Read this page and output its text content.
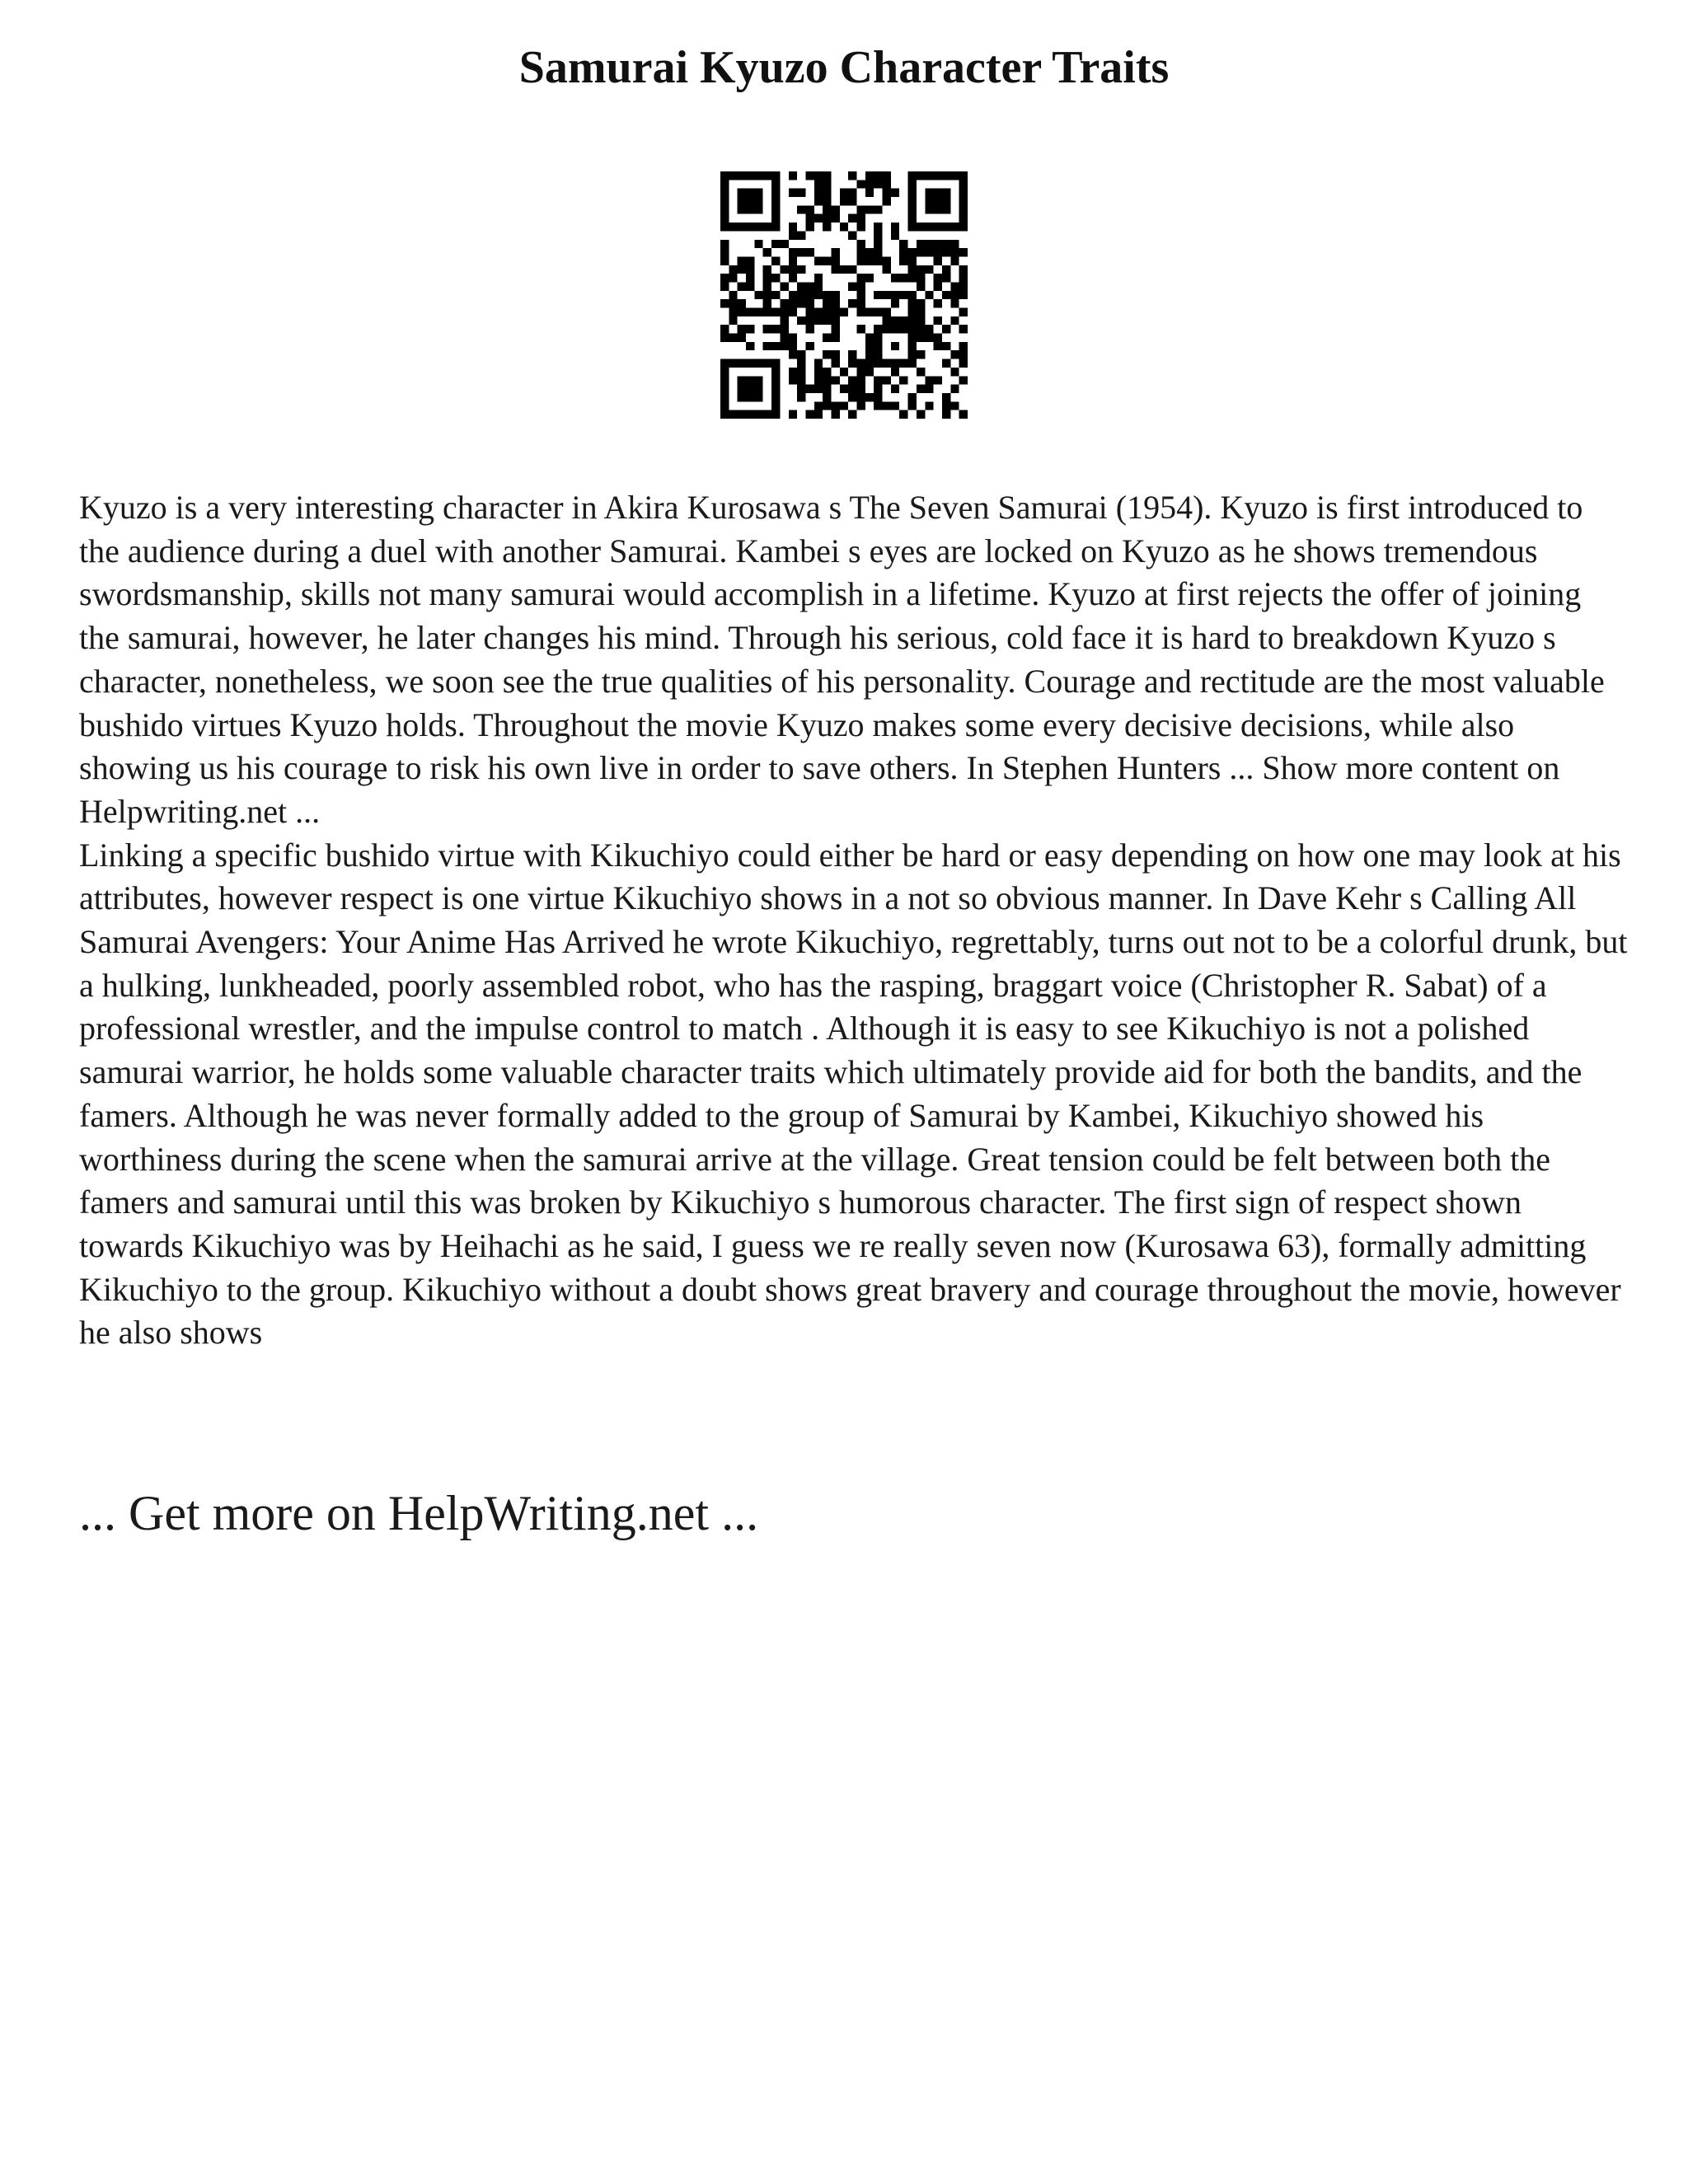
Samurai Kyuzo Character Traits

Kyuzo is a very interesting character in Akira Kurosawa s The Seven Samurai (1954). Kyuzo is first introduced to the audience during a duel with another Samurai. Kambei s eyes are locked on Kyuzo as he shows tremendous swordsmanship, skills not many samurai would accomplish in a lifetime. Kyuzo at first rejects the offer of joining the samurai, however, he later changes his mind. Through his serious, cold face it is hard to breakdown Kyuzo s character, nonetheless, we soon see the true qualities of his personality. Courage and rectitude are the most valuable bushido virtues Kyuzo holds. Throughout the movie Kyuzo makes some every decisive decisions, while also showing us his courage to risk his own live in order to save others. In Stephen Hunters ... Show more content on Helpwriting.net ...

Linking a specific bushido virtue with Kikuchiyo could either be hard or easy depending on how one may look at his attributes, however respect is one virtue Kikuchiyo shows in a not so obvious manner. In Dave Kehr s Calling All Samurai Avengers: Your Anime Has Arrived he wrote Kikuchiyo, regrettably, turns out not to be a colorful drunk, but a hulking, lunkheaded, poorly assembled robot, who has the rasping, braggart voice (Christopher R. Sabat) of a professional wrestler, and the impulse control to match . Although it is easy to see Kikuchiyo is not a polished samurai warrior, he holds some valuable character traits which ultimately provide aid for both the bandits, and the famers. Although he was never formally added to the group of Samurai by Kambei, Kikuchiyo showed his worthiness during the scene when the samurai arrive at the village. Great tension could be felt between both the famers and samurai until this was broken by Kikuchiyo s humorous character. The first sign of respect shown towards Kikuchiyo was by Heihachi as he said, I guess we re really seven now (Kurosawa 63), formally admitting Kikuchiyo to the group. Kikuchiyo without a doubt shows great bravery and courage throughout the movie, however he also shows

... Get more on HelpWriting.net ...
